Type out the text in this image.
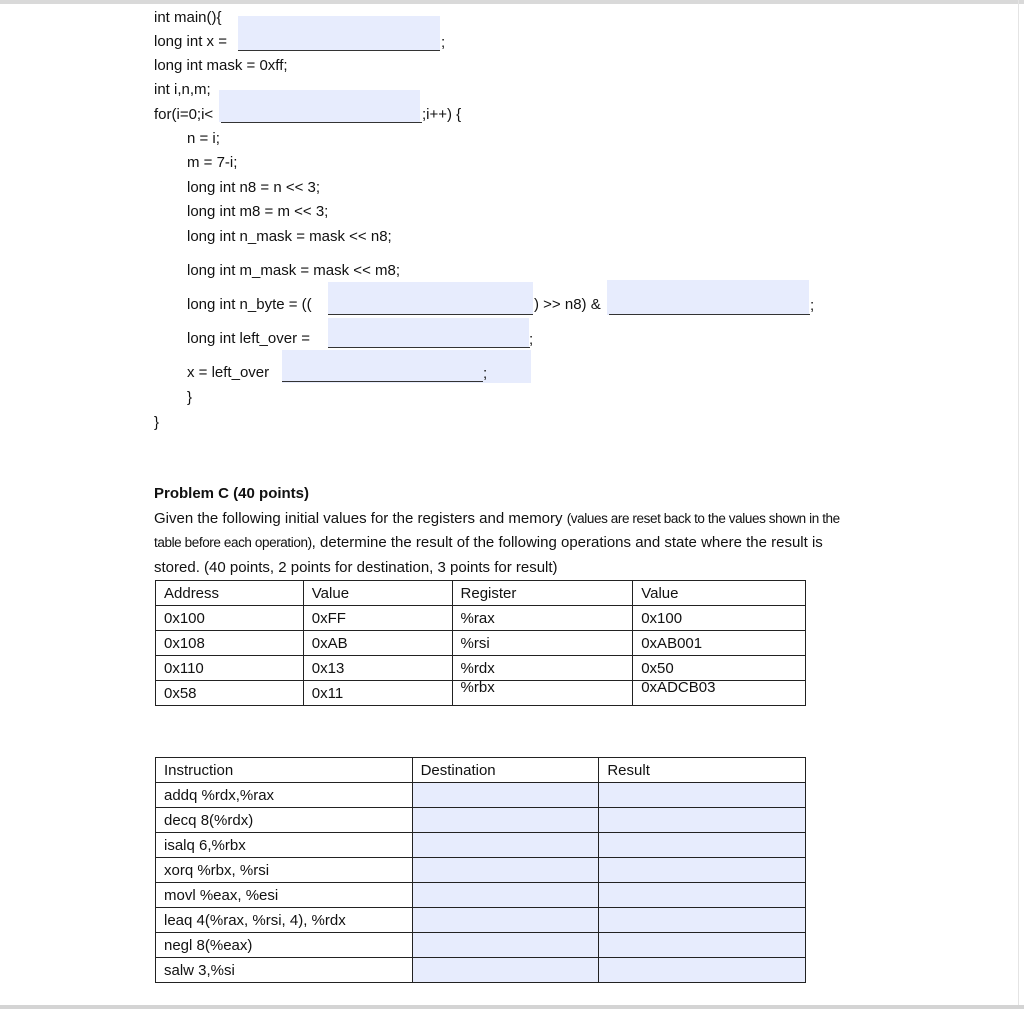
int main(){
long int x =	;
long int mask = 0xff;
int i,n,m;
for(i=0;i<	;i++) {
n = i;
m = 7-i;
long int n8 = n << 3;
long int m8 = m << 3;
long int n_mask = mask << n8;
long int m_mask = mask << m8;
long int n_byte = ((	) >> n8) &	;
long int left_over =	;
x = left_over	;
}
}
Problem C (40 points)
Given the following initial values for the registers and memory (values are reset back to the values shown in the table before each operation), determine the result of the following operations and state where the result is stored. (40 points, 2 points for destination, 3 points for result)
Address	Value	Register	Value
0x100	0xFF	%rax	0x100
0x108	0xAB	%rsi	0xAB001
0x110	0x13	%rdx	0x50
0x58	0x11	%rbx	0xADCB03
Instruction	Destination	Result
addq %rdx,%rax		
decq 8(%rdx)		
isalq 6,%rbx		
xorq %rbx, %rsi		
movl %eax, %esi		
leaq 4(%rax, %rsi, 4), %rdx		
negl 8(%eax)		
salw 3,%si		
